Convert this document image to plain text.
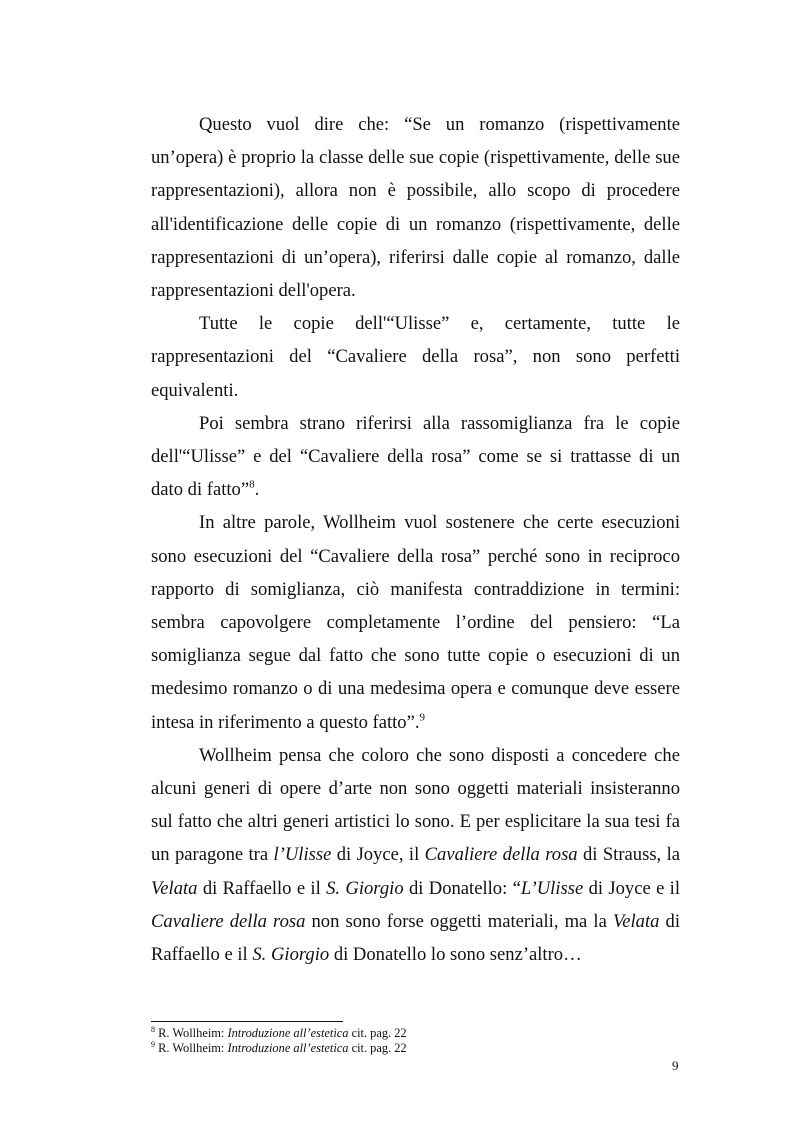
Questo vuol dire che: “Se un romanzo (rispettivamente un’opera) è proprio la classe delle sue copie (rispettivamente, delle sue rappresentazioni), allora non è possibile, allo scopo di procedere all'identificazione delle copie di un romanzo (rispettivamente, delle rappresentazioni di un’opera), riferirsi dalle copie al romanzo, dalle rappresentazioni dell'opera.

Tutte le copie dell'“Ulisse” e, certamente, tutte le rappresentazioni del “Cavaliere della rosa”, non sono perfetti equivalenti.

Poi sembra strano riferirsi alla rassomiglianza fra le copie dell'“Ulisse” e del “Cavaliere della rosa” come se si trattasse di un dato di fatto”$^8$.

In altre parole, Wollheim vuol sostenere che certe esecuzioni sono esecuzioni del “Cavaliere della rosa” perché sono in reciproco rapporto di somiglianza, ciò manifesta contraddizione in termini: sembra capovolgere completamente l’ordine del pensiero: “La somiglianza segue dal fatto che sono tutte copie o esecuzioni di un medesimo romanzo o di una medesima opera e comunque deve essere intesa in riferimento a questo fatto”.$^9$

Wollheim pensa che coloro che sono disposti a concedere che alcuni generi di opere d’arte non sono oggetti materiali insisteranno sul fatto che altri generi artistici lo sono. E per esplicitare la sua tesi fa un paragone tra l’Ulisse di Joyce, il Cavaliere della rosa di Strauss, la Velata di Raffaello e il S. Giorgio di Donatello: “L’Ulisse di Joyce e il Cavaliere della rosa non sono forse oggetti materiali, ma la Velata di Raffaello e il S. Giorgio di Donatello lo sono senz’altro…

$^8$ R. Wollheim: Introduzione all’estetica cit. pag. 22

$^9$ R. Wollheim: Introduzione all’estetica cit. pag. 22

9
